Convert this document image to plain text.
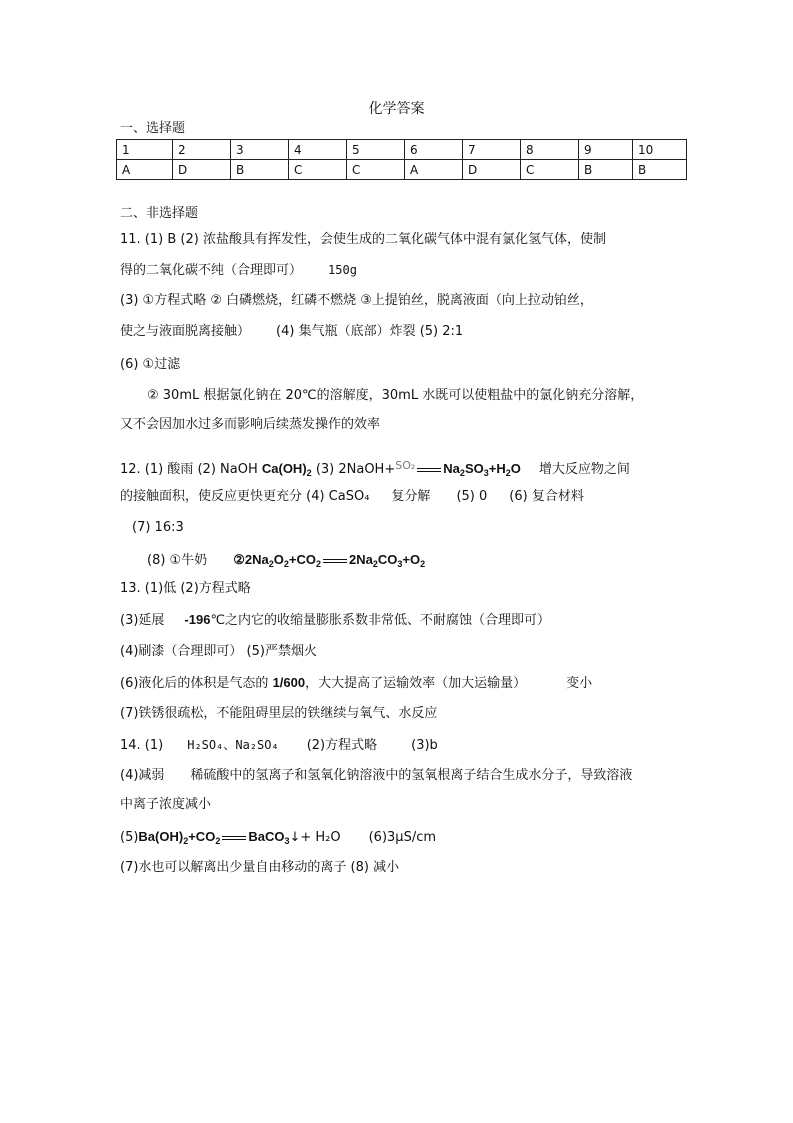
化学答案
一、选择题
1	2	3	4	5	6	7	8	9	10
A	D	B	C	C	A	D	C	B	B
二、非选择题
11. (1) B (2) 浓盐酸具有挥发性，会使生成的二氧化碳气体中混有氯化氢气体，使制
得的二氧化碳不纯（合理即可） 150g
(3) ①方程式略 ② 白磷燃烧，红磷不燃烧 ③上提铂丝，脱离液面（向上拉动铂丝，
使之与液面脱离接触） (4) 集气瓶（底部）炸裂 (5) 2:1
(6) ①过滤
② 30mL 根据氯化钠在 20℃的溶解度，30mL 水既可以使粗盐中的氯化钠充分溶解，
又不会因加水过多而影响后续蒸发操作的效率
12. (1) 酸雨 (2) NaOH $Ca(OH)_2$ (3) 2NaOH+$^{SO_2}$ $Na_2SO_3+H_2O$ 增大反应物之间
的接触面积，使反应更快更充分 (4) CaSO₄ 复分解 (5) 0 (6) 复合材料
(7) 16:3
(8) ①牛奶 $②2Na_2O_2+CO_2$ $2Na_2CO_3+O_2$
13. (1)低 (2)方程式略
(3)延展 -196℃之内它的收缩量膨胀系数非常低、不耐腐蚀（合理即可）
(4)刷漆（合理即可） (5)严禁烟火
(6)液化后的体积是气态的 1/600，大大提高了运输效率（加大运输量）	变小
(7)铁锈很疏松，不能阻碍里层的铁继续与氧气、水反应
14. (1) H₂SO₄、Na₂SO₄ (2)方程式略	(3)b
(4)减弱 稀硫酸中的氢离子和氢氧化钠溶液中的氢氧根离子结合生成水分子，导致溶液
中离子浓度减小
$(5)Ba(OH)_2+CO_2$ BaCO$_3$↓+ H₂O (6)3μS/cm
(7)水也可以解离出少量自由移动的离子 (8) 减小
